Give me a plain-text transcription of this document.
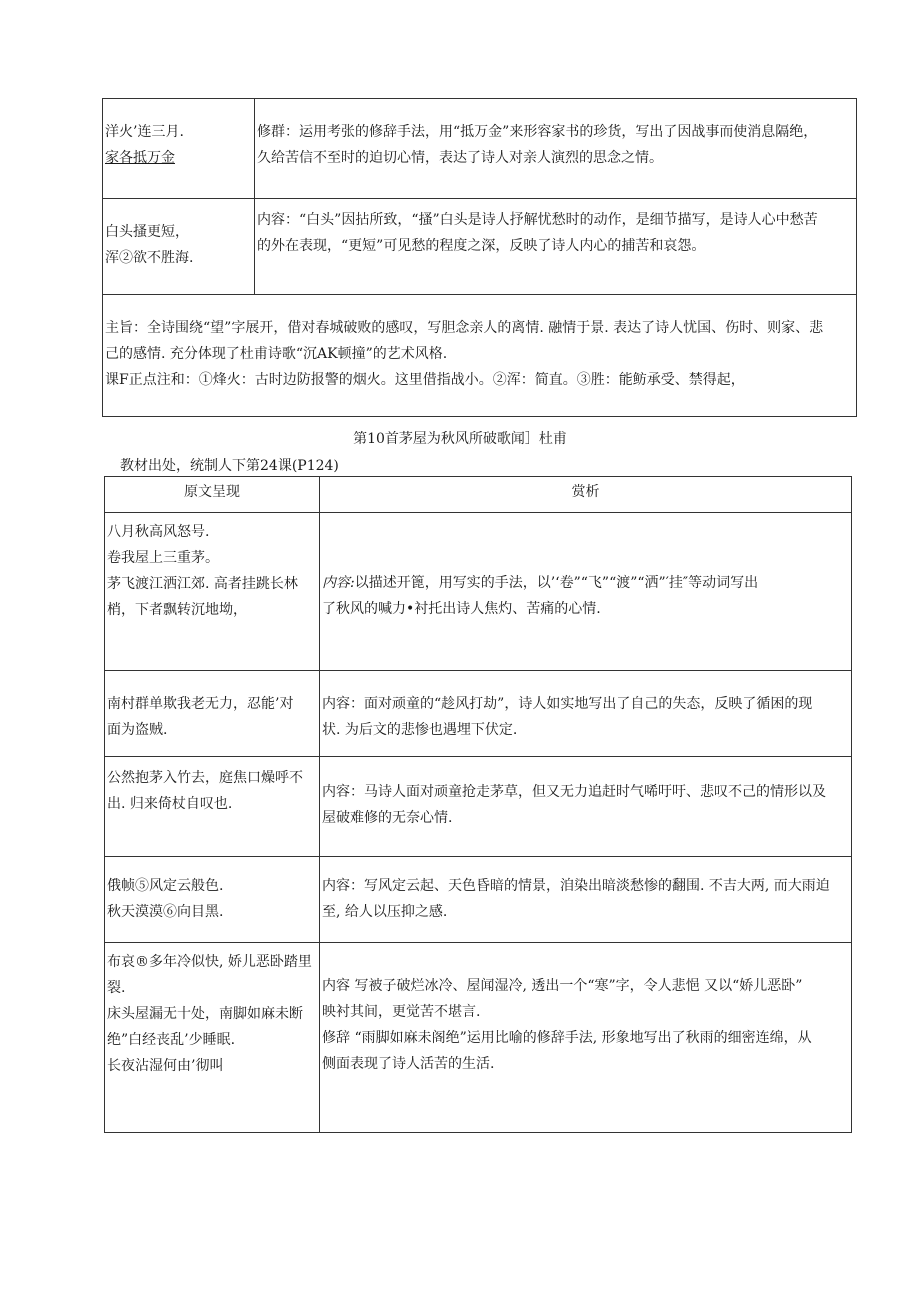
洋火’连三月.
家各抵万金	修群：运用考张的修辞手法，用“抵万金”来形容家书的珍货，写出了因战事而使消息隔绝，
久给苦信不至时的迫切心情，表达了诗人对亲人演烈的思念之情。

白头搔更短，
浑②欲不胜海.	内容：“白头”因拈所致，“搔”白头是诗人抒解忧愁时的动作，是细节描写，是诗人心中愁苦
的外在表现，“更短”可见愁的程度之深，反映了诗人内心的捕苦和哀怨。

主旨：全诗围绕“望”字展开，借对春城破败的感叹，写胆念亲人的离情. 融情于景. 表达了诗人忧国、伤时、则家、悲
己的感情. 充分体现了杜甫诗歌“沉AK顿撞”的艺术风格.
课F正点注和：①烽火：古时边防报警的烟火。这里借指战小。②浑：简直。③胜：能鲂承受、禁得起，	
第10首茅屋为秋风所破歌闻］杜甫
教材出处，统制人下第24课(P124)
原文呈现	赏析

八月秋高风怒号.
卷我屋上三重茅。
茅飞渡江洒江郊. 高者挂跳长林
梢，下者飘转沉地坳，	内容:以描述开篦，用写实的手法，以’‘卷”“飞”“渡”“洒”′挂″等动词写出
了秋风的喊力•衬托出诗人焦灼、苦痛的心情.

南村群单欺我老无力，忍能’对
面为盗贼.	内容：面对顽童的“趁风打劫”，诗人如实地写出了自己的失态，反映了循困的现
状. 为后文的悲惨也遇埋下伏定.

公然抱茅入竹去，庭焦口燥呼不
出. 归来倚杖自叹也.	内容：马诗人面对顽童抢走茅草，但又无力追赶时气唏吁吁、悲叹不己的情形以及
屋破难修的无奈心情.

俄帧⑤风定云般色.
秋天漠漠⑥向目黑.	内容：写风定云起、天色昏暗的情景，洎染出暗淡愁惨的翻围. 不吉大两, 而大雨迫
至, 给人以压抑之感.

布哀®多年冷似快, 娇儿恶卧踏里
裂.
床头屋漏无十处，南脚如麻未断
绝”白经丧乱’少睡眠.
长夜沾湿何由’彻叫	内容 写被子破烂冰冷、屋闻湿冷, 透出一个“寒”字，令人悲悒 又以“娇儿恶卧”
映衬其间，更觉苦不堪言.
修辞 “雨脚如麻未阁绝”运用比喻的修辞手法, 形象地写出了秋雨的细密连绵，从
侧面表现了诗人活苦的生活.
